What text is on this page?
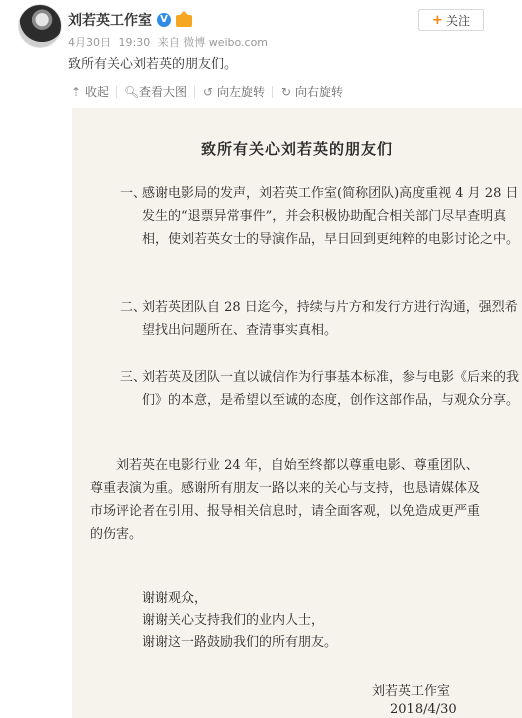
刘若英工作室 V	+ 关注
4月30日 19:30 来自 微博 weibo.com
致所有关心刘若英的朋友们。
⇡ 收起 🔍︎ 查看大图 ↺ 向左旋转 ↻ 向右旋转
致所有关心刘若英的朋友们
一、
感谢电影局的发声，刘若英工作室(简称团队)高度重视 4 月 28 日发生的“退票异常事件”，并会积极协助配合相关部门尽早查明真相，使刘若英女士的导演作品，早日回到更纯粹的电影讨论之中。
二、
刘若英团队自 28 日迄今，持续与片方和发行方进行沟通，强烈希望找出问题所在、查清事实真相。
三、
刘若英及团队一直以诚信作为行事基本标准，参与电影《后来的我们》的本意，是希望以至诚的态度，创作这部作品，与观众分享。
刘若英在电影行业 24 年，自始至终都以尊重电影、尊重团队、尊重表演为重。感谢所有朋友一路以来的关心与支持，也恳请媒体及市场评论者在引用、报导相关信息时，请全面客观，以免造成更严重的伤害。
谢谢观众，
谢谢关心支持我们的业内人士，
谢谢这一路鼓励我们的所有朋友。
刘若英工作室
2018/4/30
